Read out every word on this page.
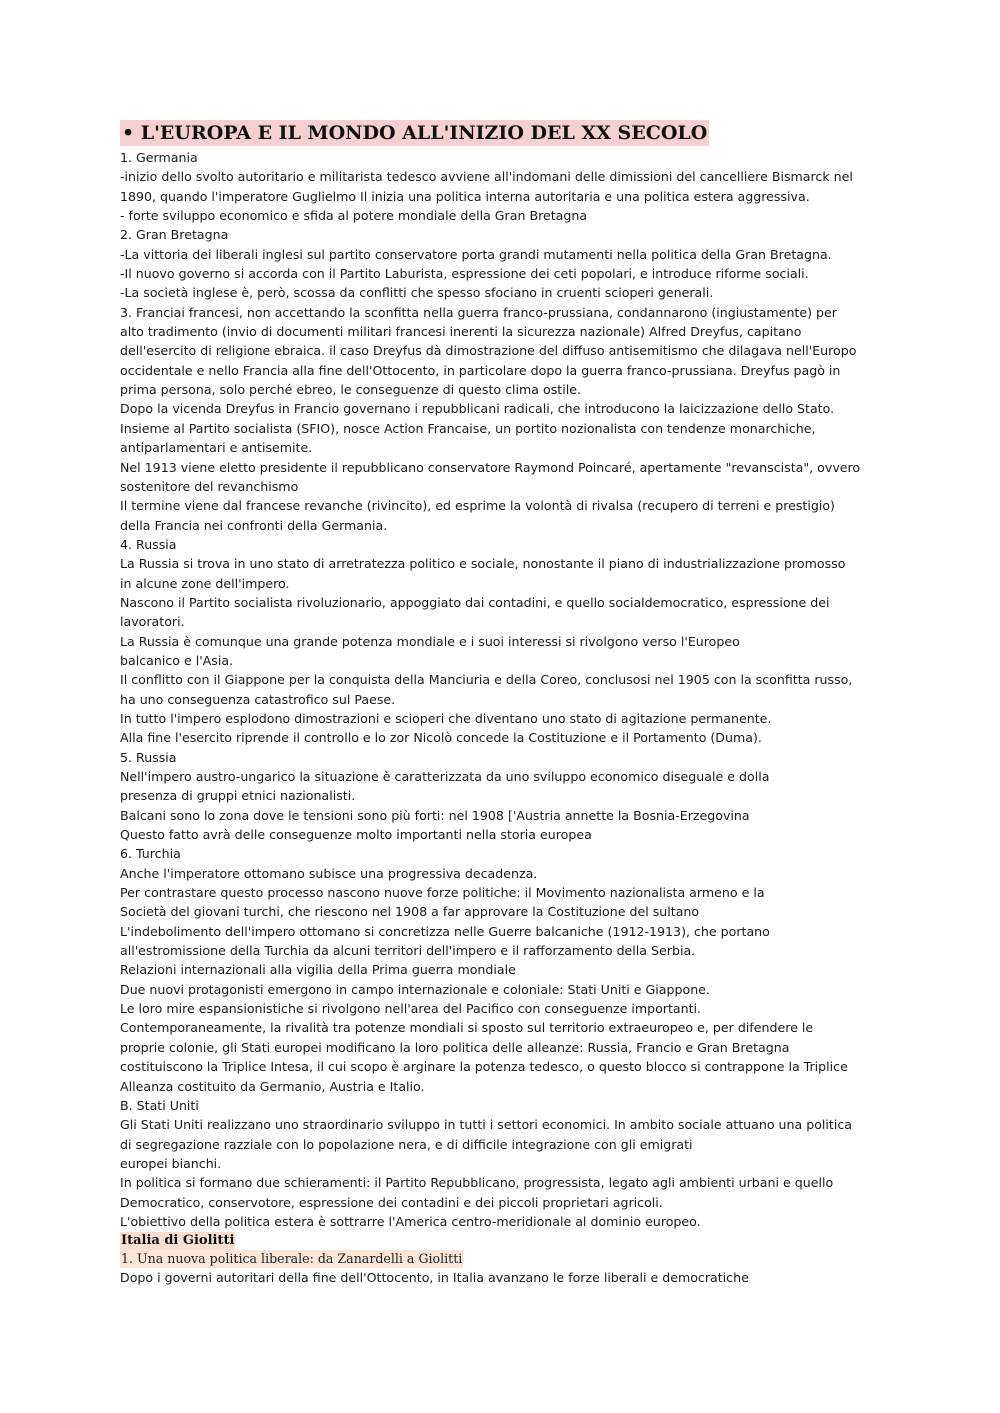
• L'EUROPA E IL MONDO ALL'INIZIO DEL XX SECOLO
1. Germania
-inizio dello svolto autoritario e militarista tedesco avviene all'indomani delle dimissioni del cancelliere Bismarck nel
1890, quando l'imperatore Guglielmo Il inizia una politica interna autoritaria e una politica estera aggressiva.
- forte sviluppo economico e sfida al potere mondiale della Gran Bretagna
2. Gran Bretagna
-La vittoria dei liberali inglesi sul partito conservatore porta grandi mutamenti nella politica della Gran Bretagna.
-Il nuovo governo si accorda con il Partito Laburista, espressione dei ceti popolari, e introduce riforme sociali.
-La società inglese è, però, scossa da conflitti che spesso sfociano in cruenti scioperi generali.
3. Franciai francesi, non accettando la sconfitta nella guerra franco-prussiana, condannarono (ingiustamente) per
alto tradimento (invio di documenti militari francesi inerenti la sicurezza nazionale) Alfred Dreyfus, capitano
dell'esercito di religione ebraica. il caso Dreyfus dà dimostrazione del diffuso antisemitismo che dilagava nell'Europo
occidentale e nello Francia alla fine dell'Ottocento, in particolare dopo la guerra franco-prussiana. Dreyfus pagò in
prima persona, solo perché ebreo, le conseguenze di questo clima ostile.
Dopo la vicenda Dreyfus in Francio governano i repubblicani radicali, che introducono la laicizzazione dello Stato.
Insieme al Partito socialista (SFIO), nosce Action Francaise, un portito nozionalista con tendenze monarchiche,
antiparlamentari e antisemite.
Nel 1913 viene eletto presidente il repubblicano conservatore Raymond Poincaré, apertamente "revanscista", ovvero
sostenitore del revanchismo
Il termine viene dal francese revanche (rivincito), ed esprime la volontà di rivalsa (recupero di terreni e prestigio)
della Francia nei confronti della Germania.
4. Russia
La Russia si trova in uno stato di arretratezza politico e sociale, nonostante il piano di industrializzazione promosso
in alcune zone dell'impero.
Nascono il Partito socialista rivoluzionario, appoggiato dai contadini, e quello socialdemocratico, espressione dei
lavoratori.
La Russia è comunque una grande potenza mondiale e i suoi interessi si rivolgono verso l'Europeo
balcanico e l'Asia.
Il conflitto con il Giappone per la conquista della Manciuria e della Coreo, conclusosi nel 1905 con la sconfitta russo,
ha uno conseguenza catastrofico sul Paese.
In tutto l'impero esplodono dimostrazioni e scioperi che diventano uno stato di agitazione permanente.
Alla fine l'esercito riprende il controllo e lo zor Nicolò concede la Costituzione e il Portamento (Duma).
5. Russia
Nell'impero austro-ungarico la situazione è caratterizzata da uno sviluppo economico diseguale e dolla
presenza di gruppi etnici nazionalisti.
Balcani sono lo zona dove le tensioni sono più forti: nel 1908 ['Austria annette la Bosnia-Erzegovina
Questo fatto avrà delle conseguenze molto importanti nella storia europea
6. Turchia
Anche l'imperatore ottomano subisce una progressiva decadenza.
Per contrastare questo processo nascono nuove forze politiche: il Movimento nazionalista armeno e la
Società del giovani turchi, che riescono nel 1908 a far approvare la Costituzione del sultano
L'indebolimento dell'impero ottomano si concretizza nelle Guerre balcaniche (1912-1913), che portano
all'estromissione della Turchia da alcuni territori dell'impero e il rafforzamento della Serbia.
Relazioni internazionali alla vigilia della Prima guerra mondiale
Due nuovi protagonisti emergono in campo internazionale e coloniale: Stati Uniti e Giappone.
Le loro mire espansionistiche si rivolgono nell'area del Pacifico con conseguenze importanti.
Contemporaneamente, la rivalità tra potenze mondiali si sposto sul territorio extraeuropeo e, per difendere le
proprie colonie, gli Stati europei modificano la loro politica delle alleanze: Russia, Francio e Gran Bretagna
costituiscono la Triplice Intesa, il cui scopo è arginare la potenza tedesco, o questo blocco si contrappone la Triplice
Alleanza costituito da Germanio, Austria e Italio.
B. Stati Uniti
Gli Stati Uniti realizzano uno straordinario sviluppo in tutti i settori economici. In ambito sociale attuano una politica
di segregazione razziale con lo popolazione nera, e di difficile integrazione con gli emigrati
europei bianchi.
In politica si formano due schieramenti: il Partito Repubblicano, progressista, legato agli ambienti urbani e quello
Democratico, conservotore, espressione dei contadini e dei piccoli proprietari agricoli.
L'obiettivo della politica estera è sottrarre l'America centro-meridionale al dominio europeo.
Italia di Giolitti
1. Una nuova politica liberale: da Zanardelli a Giolitti
Dopo i governi autoritari della fine dell'Ottocento, in Italia avanzano le forze liberali e democratiche
